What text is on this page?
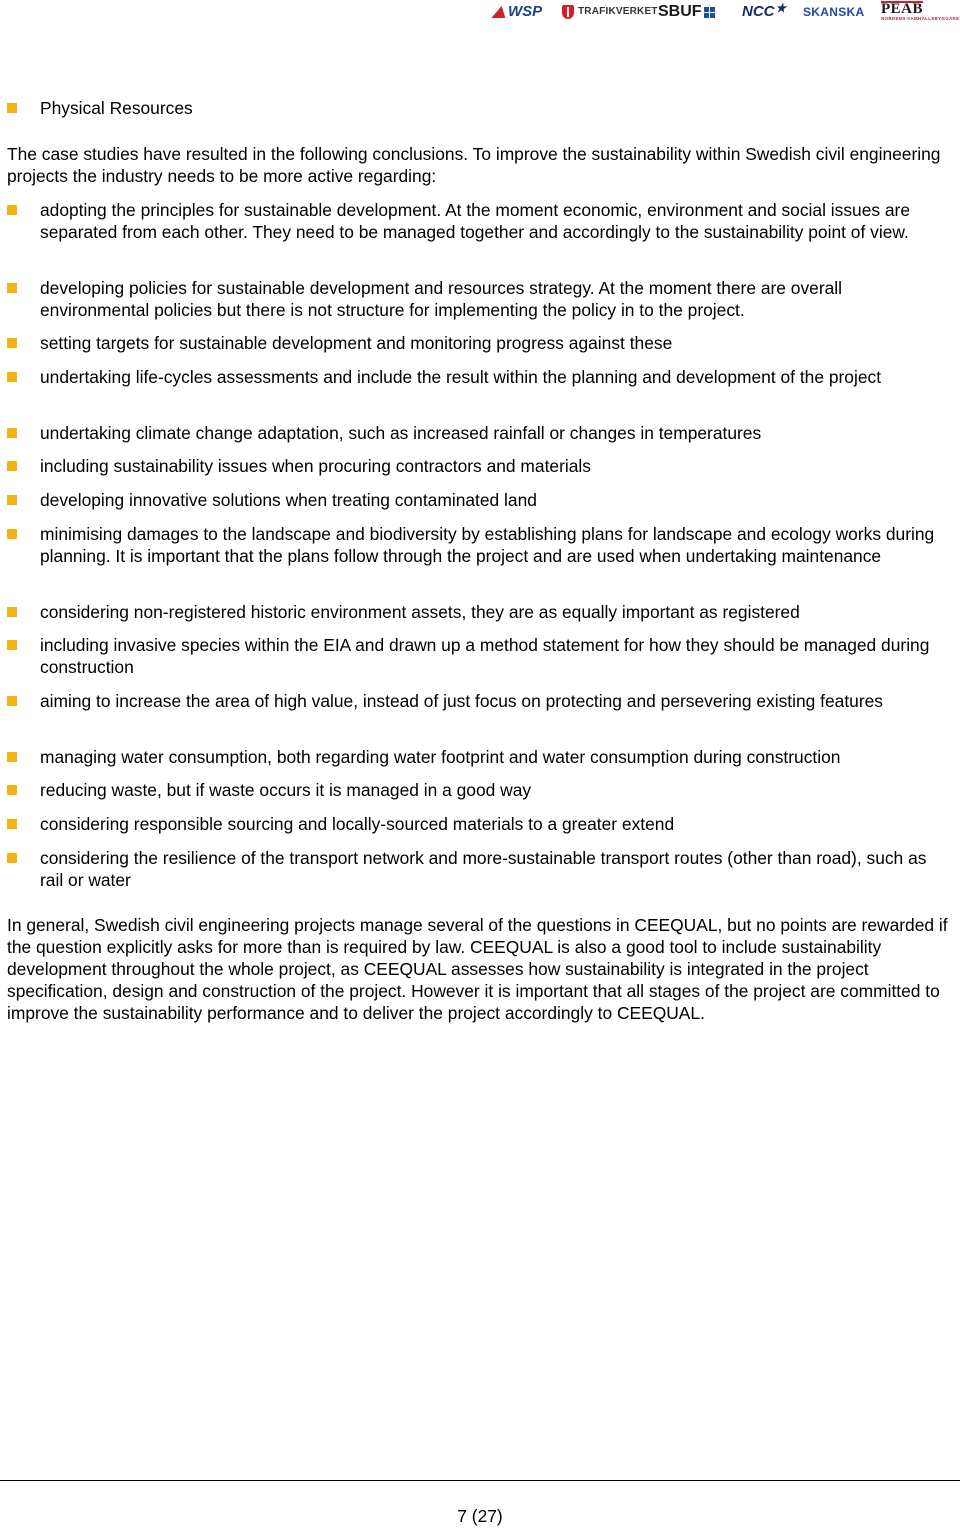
WSP	TRAFIKVERKET SBUF	NCC ★ SKANSKA PEAB
NORDENS SAMHÄLLSBYGGARE
Physical Resources

The case studies have resulted in the following conclusions. To improve the sustainability within Swedish civil engineering projects the industry needs to be more active regarding:

adopting the principles for sustainable development. At the moment economic, environment and social issues are separated from each other. They need to be managed together and accordingly to the sustainability point of view.
developing policies for sustainable development and resources strategy. At the moment there are overall environmental policies but there is not structure for implementing the policy in to the project.
setting targets for sustainable development and monitoring progress against these
undertaking life-cycles assessments and include the result within the planning and development of the project
undertaking climate change adaptation, such as increased rainfall or changes in temperatures
including sustainability issues when procuring contractors and materials
developing innovative solutions when treating contaminated land
minimising damages to the landscape and biodiversity by establishing plans for landscape and ecology works during planning. It is important that the plans follow through the project and are used when undertaking maintenance
considering non-registered historic environment assets, they are as equally important as registered
including invasive species within the EIA and drawn up a method statement for how they should be managed during construction
aiming to increase the area of high value, instead of just focus on protecting and persevering existing features
managing water consumption, both regarding water footprint and water consumption during construction
reducing waste, but if waste occurs it is managed in a good way
considering responsible sourcing and locally-sourced materials to a greater extend
considering the resilience of the transport network and more-sustainable transport routes (other than road), such as rail or water

In general, Swedish civil engineering projects manage several of the questions in CEEQUAL, but no points are rewarded if the question explicitly asks for more than is required by law. CEEQUAL is also a good tool to include sustainability development throughout the whole project, as CEEQUAL assesses how sustainability is integrated in the project specification, design and construction of the project. However it is important that all stages of the project are committed to improve the sustainability performance and to deliver the project accordingly to CEEQUAL.

7 (27)
